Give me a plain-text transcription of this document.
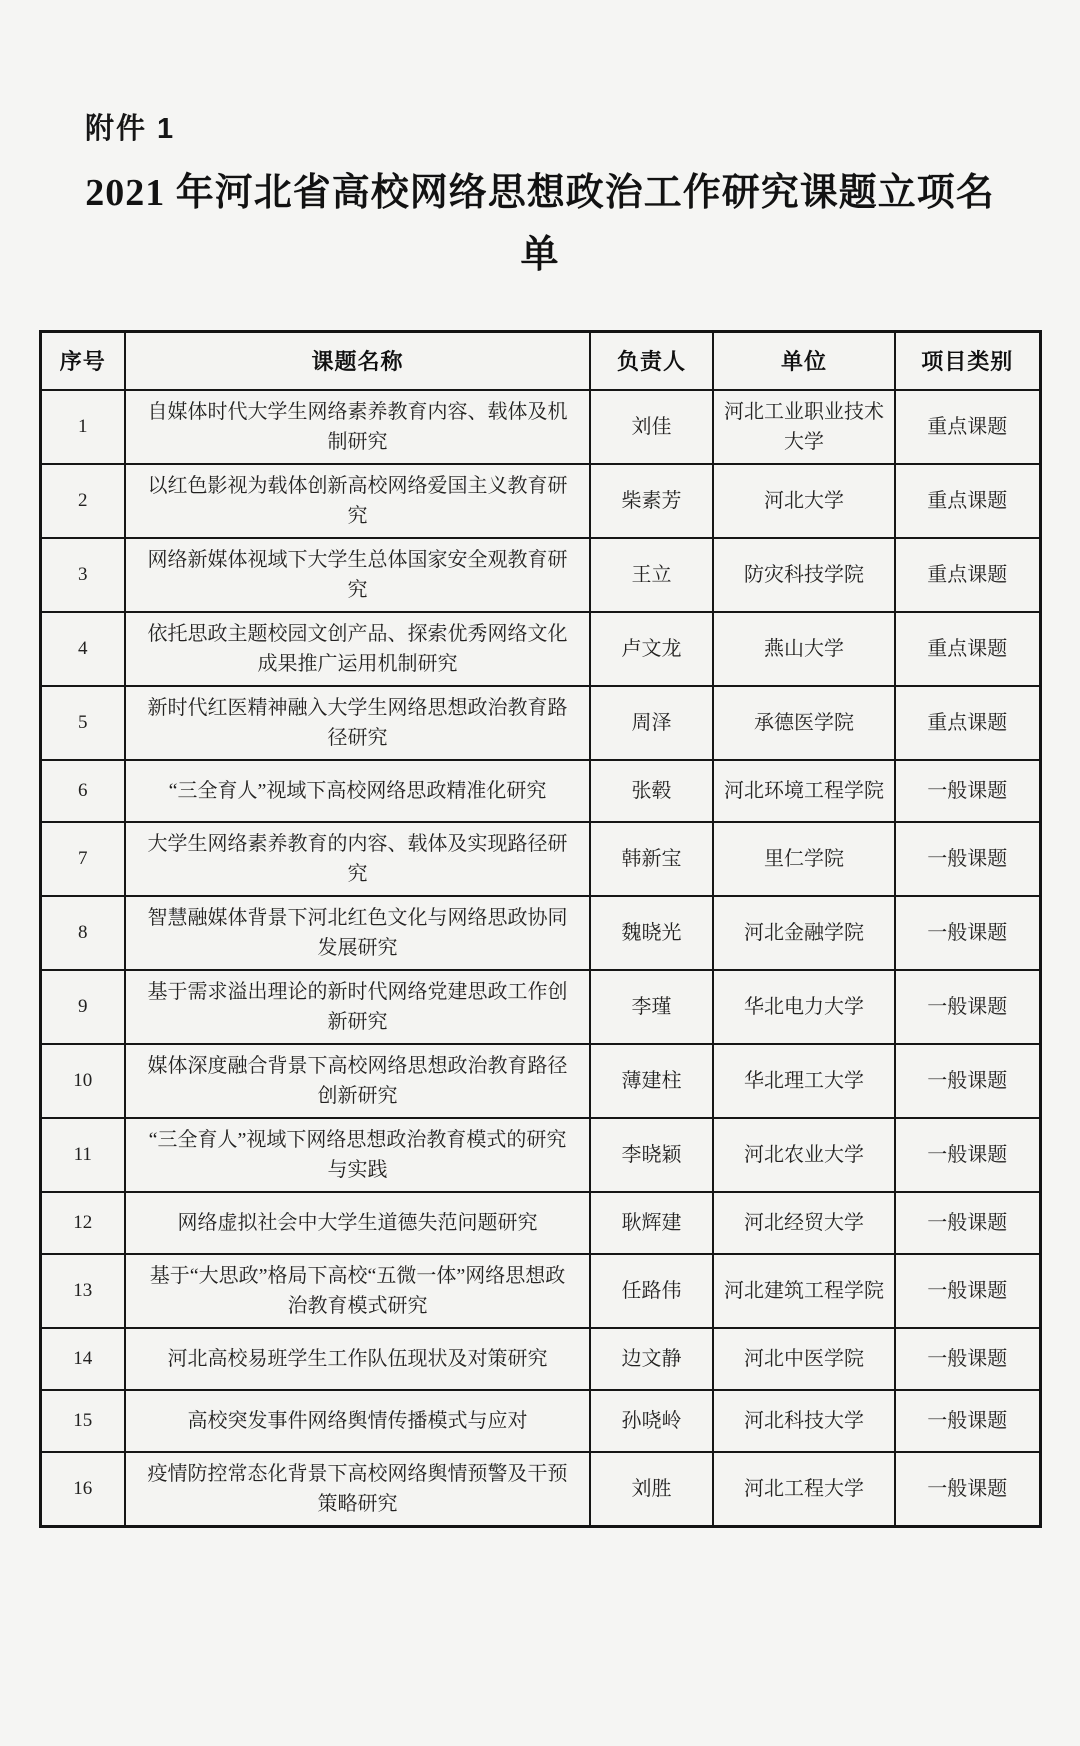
附件 1
2021 年河北省高校网络思想政治工作研究课题立项名单
序号	课题名称	负责人	单位	项目类别
1	自媒体时代大学生网络素养教育内容、载体及机制研究	刘佳	河北工业职业技术大学	重点课题
2	以红色影视为载体创新高校网络爱国主义教育研究	柴素芳	河北大学	重点课题
3	网络新媒体视域下大学生总体国家安全观教育研究	王立	防灾科技学院	重点课题
4	依托思政主题校园文创产品、探索优秀网络文化成果推广运用机制研究	卢文龙	燕山大学	重点课题
5	新时代红医精神融入大学生网络思想政治教育路径研究	周泽	承德医学院	重点课题
6	“三全育人”视域下高校网络思政精准化研究	张毂	河北环境工程学院	一般课题
7	大学生网络素养教育的内容、载体及实现路径研究	韩新宝	里仁学院	一般课题
8	智慧融媒体背景下河北红色文化与网络思政协同发展研究	魏晓光	河北金融学院	一般课题
9	基于需求溢出理论的新时代网络党建思政工作创新研究	李瑾	华北电力大学	一般课题
10	媒体深度融合背景下高校网络思想政治教育路径创新研究	薄建柱	华北理工大学	一般课题
11	“三全育人”视域下网络思想政治教育模式的研究与实践	李晓颖	河北农业大学	一般课题
12	网络虚拟社会中大学生道德失范问题研究	耿辉建	河北经贸大学	一般课题
13	基于“大思政”格局下高校“五微一体”网络思想政治教育模式研究	任路伟	河北建筑工程学院	一般课题
14	河北高校易班学生工作队伍现状及对策研究	边文静	河北中医学院	一般课题
15	高校突发事件网络舆情传播模式与应对	孙哓岭	河北科技大学	一般课题
16	疫情防控常态化背景下高校网络舆情预警及干预策略研究	刘胜	河北工程大学	一般课题
